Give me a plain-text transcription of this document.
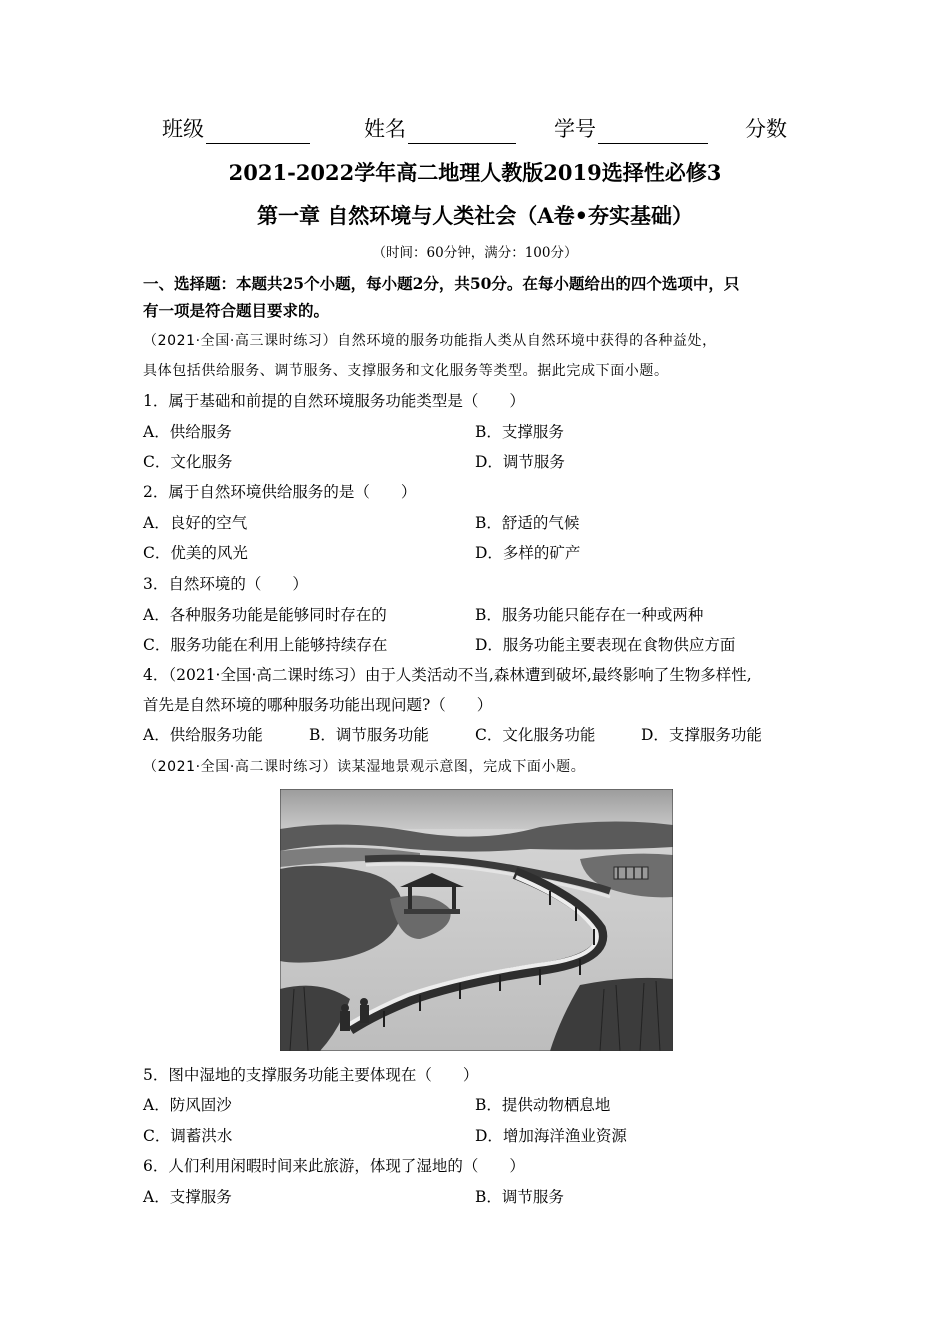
班级	姓名	学号	分数
2021-2022学年高二地理人教版2019选择性必修3
第一章 自然环境与人类社会（A卷•夯实基础）
（时间：60分钟，满分：100分）
一、选择题：本题共25个小题，每小题2分，共50分。在每小题给出的四个选项中，只
有一项是符合题目要求的。
（2021·全国·高三课时练习）自然环境的服务功能指人类从自然环境中获得的各种益处，
具体包括供给服务、调节服务、支撑服务和文化服务等类型。据此完成下面小题。
1．属于基础和前提的自然环境服务功能类型是（　　）
A．供给服务	B．支撑服务
C．文化服务	D．调节服务
2．属于自然环境供给服务的是（　　）
A．良好的空气	B．舒适的气候
C．优美的风光	D．多样的矿产
3．自然环境的（　　）
A．各种服务功能是能够同时存在的	B．服务功能只能存在一种或两种
C．服务功能在利用上能够持续存在	D．服务功能主要表现在食物供应方面
4．（2021·全国·高二课时练习）由于人类活动不当,森林遭到破坏,最终影响了生物多样性,
首先是自然环境的哪种服务功能出现问题?（　　）
A．供给服务功能	B．调节服务功能	C．文化服务功能	D．支撑服务功能
（2021·全国·高二课时练习）读某湿地景观示意图，完成下面小题。
5．图中湿地的支撑服务功能主要体现在（　　）
A．防风固沙	B．提供动物栖息地
C．调蓄洪水	D．增加海洋渔业资源
6．人们利用闲暇时间来此旅游，体现了湿地的（　　）
A．支撑服务	B．调节服务
